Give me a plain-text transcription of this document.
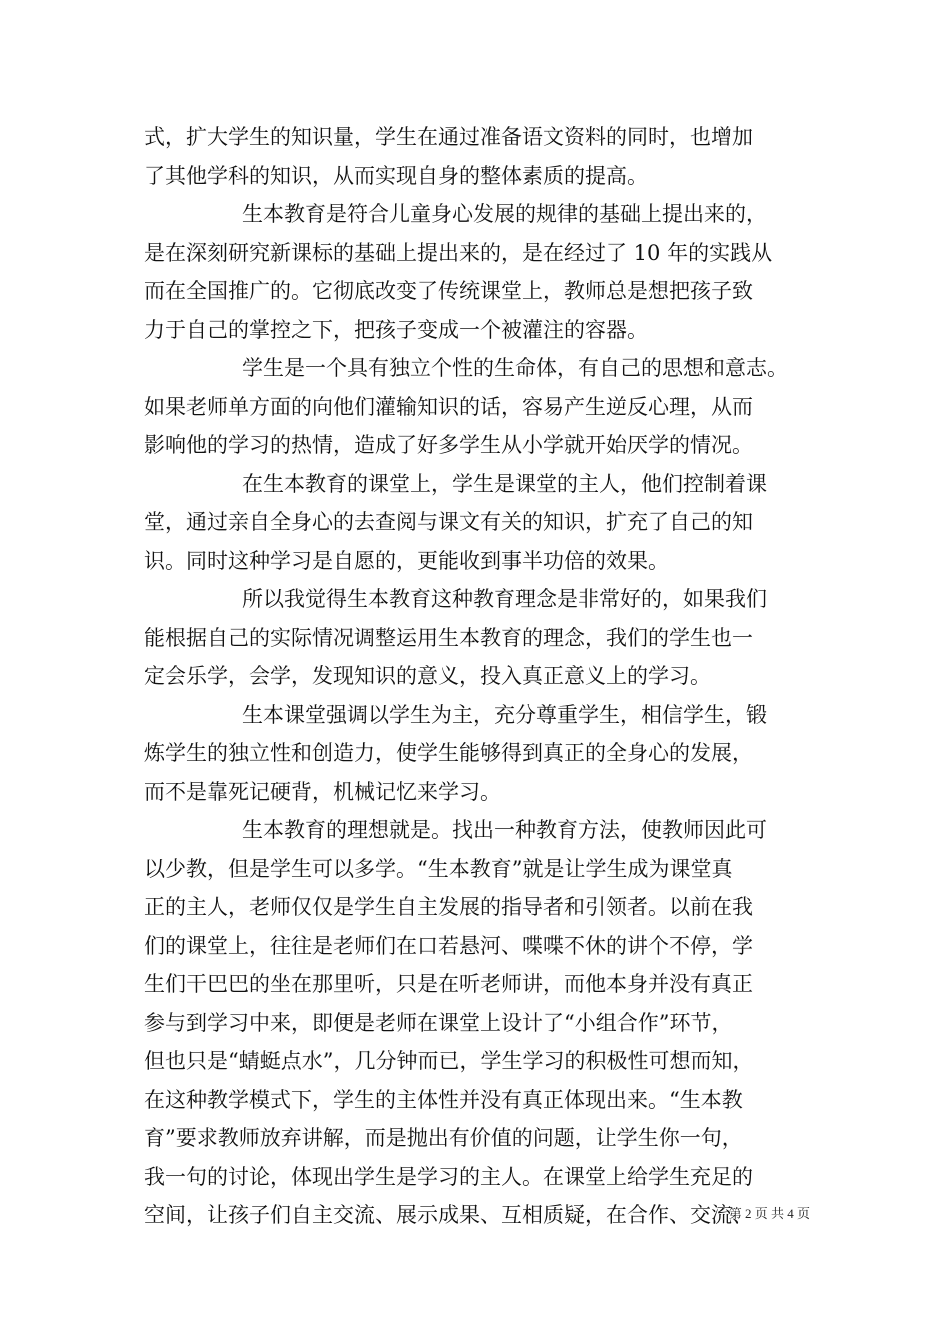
式，扩大学生的知识量，学生在通过准备语文资料的同时，也增加
了其他学科的知识，从而实现自身的整体素质的提高。
生本教育是符合儿童身心发展的规律的基础上提出来的，
是在深刻研究新课标的基础上提出来的，是在经过了 10 年的实践从
而在全国推广的。它彻底改变了传统课堂上，教师总是想把孩子致
力于自己的掌控之下，把孩子变成一个被灌注的容器。
学生是一个具有独立个性的生命体，有自己的思想和意志。
如果老师单方面的向他们灌输知识的话，容易产生逆反心理，从而
影响他的学习的热情，造成了好多学生从小学就开始厌学的情况。
在生本教育的课堂上，学生是课堂的主人，他们控制着课
堂，通过亲自全身心的去查阅与课文有关的知识，扩充了自己的知
识。同时这种学习是自愿的，更能收到事半功倍的效果。
所以我觉得生本教育这种教育理念是非常好的，如果我们
能根据自己的实际情况调整运用生本教育的理念，我们的学生也一
定会乐学，会学，发现知识的意义，投入真正意义上的学习。
生本课堂强调以学生为主，充分尊重学生，相信学生，锻
炼学生的独立性和创造力，使学生能够得到真正的全身心的发展，
而不是靠死记硬背，机械记忆来学习。
生本教育的理想就是。找出一种教育方法，使教师因此可
以少教，但是学生可以多学。“生本教育”就是让学生成为课堂真
正的主人，老师仅仅是学生自主发展的指导者和引领者。以前在我
们的课堂上，往往是老师们在口若悬河、喋喋不休的讲个不停，学
生们干巴巴的坐在那里听，只是在听老师讲，而他本身并没有真正
参与到学习中来，即便是老师在课堂上设计了“小组合作”环节，
但也只是“蜻蜓点水”，几分钟而已，学生学习的积极性可想而知，
在这种教学模式下，学生的主体性并没有真正体现出来。“生本教
育”要求教师放弃讲解，而是抛出有价值的问题，让学生你一句，
我一句的讨论，体现出学生是学习的主人。在课堂上给学生充足的
空间，让孩子们自主交流、展示成果、互相质疑，在合作、交流、
第 2 页 共 4 页
